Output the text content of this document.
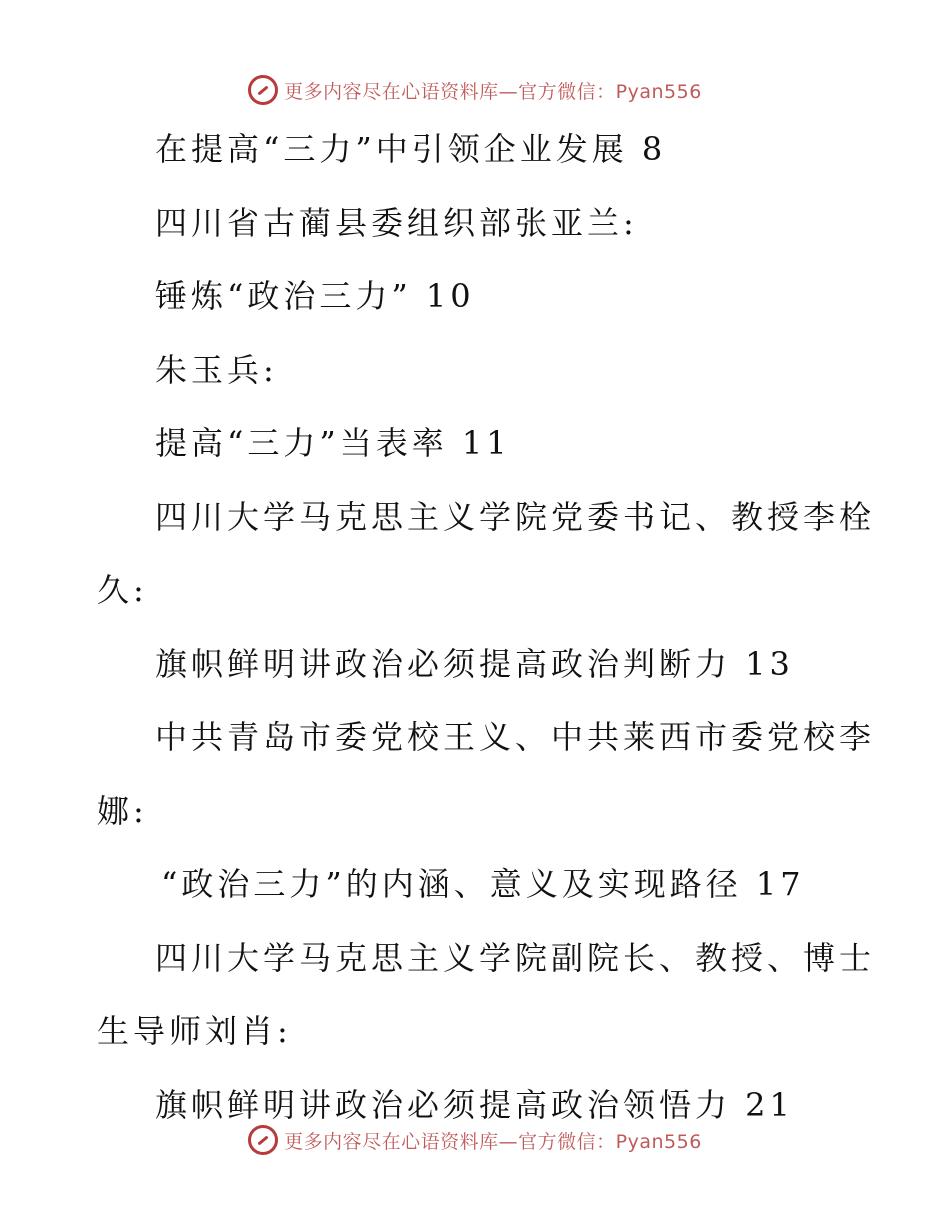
更多内容尽在心语资料库—官方微信：Pyan556
在提高“三力”中引领企业发展 8
四川省古蔺县委组织部张亚兰:
锤炼“政治三力” 10
朱玉兵:
提高“三力”当表率 11
四川大学马克思主义学院党委书记、教授李栓
久:
旗帜鲜明讲政治必须提高政治判断力 13
中共青岛市委党校王义、中共莱西市委党校李
娜:
“政治三力”的内涵、意义及实现路径 17
四川大学马克思主义学院副院长、教授、博士
生导师刘肖:
旗帜鲜明讲政治必须提高政治领悟力 21
更多内容尽在心语资料库—官方微信：Pyan556
